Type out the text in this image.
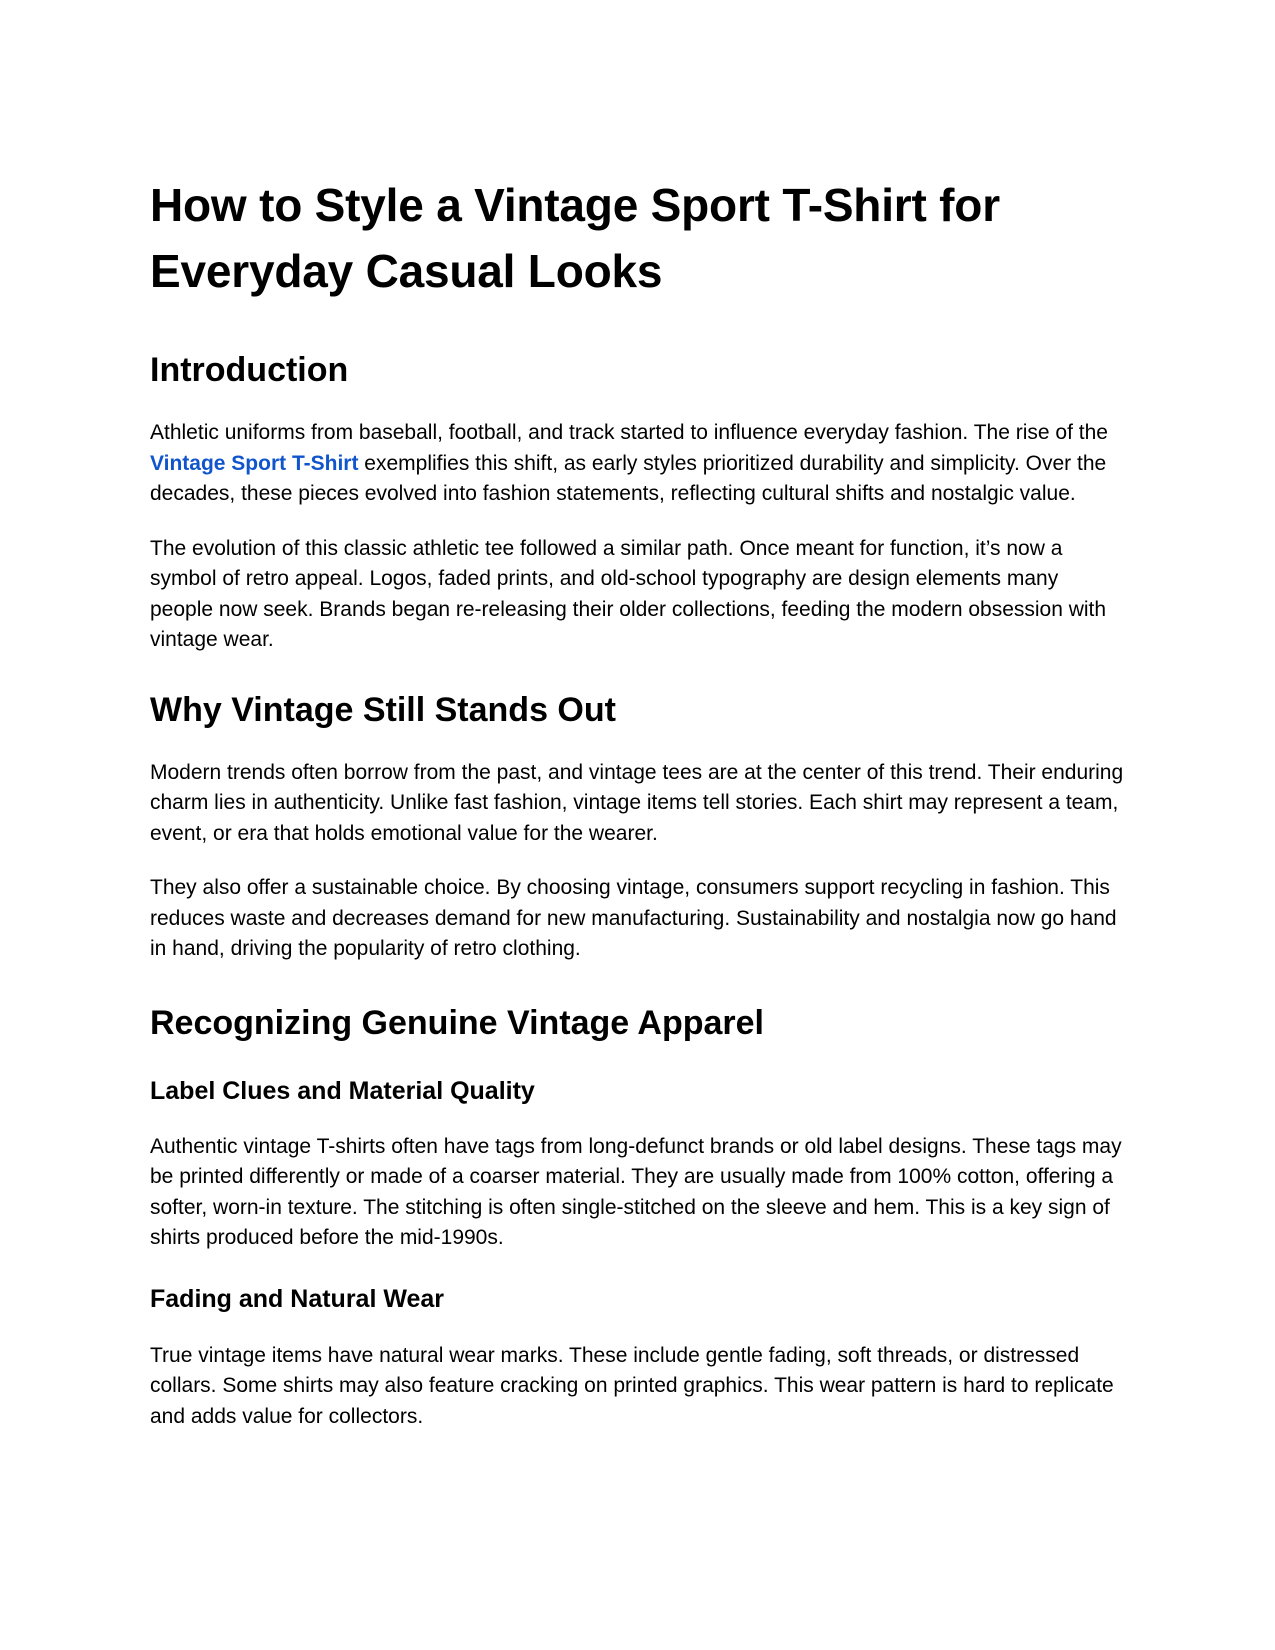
How to Style a Vintage Sport T-Shirt for Everyday Casual Looks
Introduction

Athletic uniforms from baseball, football, and track started to influence everyday fashion. The rise of the Vintage Sport T-Shirt exemplifies this shift, as early styles prioritized durability and simplicity. Over the decades, these pieces evolved into fashion statements, reflecting cultural shifts and nostalgic value.

The evolution of this classic athletic tee followed a similar path. Once meant for function, it’s now a symbol of retro appeal. Logos, faded prints, and old-school typography are design elements many people now seek. Brands began re-releasing their older collections, feeding the modern obsession with vintage wear.

Why Vintage Still Stands Out

Modern trends often borrow from the past, and vintage tees are at the center of this trend. Their enduring charm lies in authenticity. Unlike fast fashion, vintage items tell stories. Each shirt may represent a team, event, or era that holds emotional value for the wearer.

They also offer a sustainable choice. By choosing vintage, consumers support recycling in fashion. This reduces waste and decreases demand for new manufacturing. Sustainability and nostalgia now go hand in hand, driving the popularity of retro clothing.

Recognizing Genuine Vintage Apparel
Label Clues and Material Quality

Authentic vintage T-shirts often have tags from long-defunct brands or old label designs. These tags may be printed differently or made of a coarser material. They are usually made from 100% cotton, offering a softer, worn-in texture. The stitching is often single-stitched on the sleeve and hem. This is a key sign of shirts produced before the mid-1990s.

Fading and Natural Wear

True vintage items have natural wear marks. These include gentle fading, soft threads, or distressed collars. Some shirts may also feature cracking on printed graphics. This wear pattern is hard to replicate and adds value for collectors.
